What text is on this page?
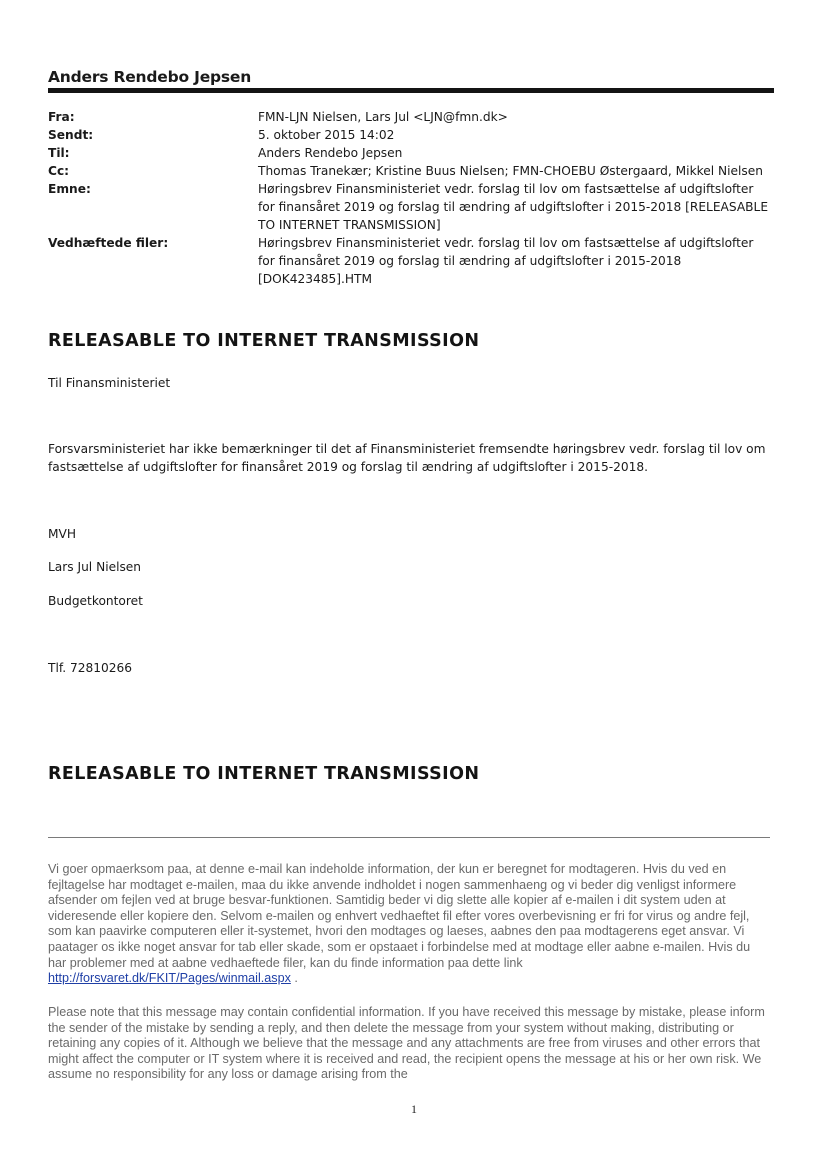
Anders Rendebo Jepsen
Fra:	FMN-LJN Nielsen, Lars Jul <LJN@fmn.dk>
Sendt:	5. oktober 2015 14:02
Til:	Anders Rendebo Jepsen
Cc:	Thomas Tranekær; Kristine Buus Nielsen; FMN-CHOEBU Østergaard, Mikkel Nielsen
Emne:	Høringsbrev Finansministeriet vedr. forslag til lov om fastsættelse af udgiftslofter
for finansåret 2019 og forslag til ændring af udgiftslofter i 2015-2018 [RELEASABLE
TO INTERNET TRANSMISSION]
Vedhæftede filer:	Høringsbrev Finansministeriet vedr. forslag til lov om fastsættelse af udgiftslofter
for finansåret 2019 og forslag til ændring af udgiftslofter i 2015-2018
[DOK423485].HTM
RELEASABLE TO INTERNET TRANSMISSION
Til Finansministeriet
Forsvarsministeriet har ikke bemærkninger til det af Finansministeriet fremsendte høringsbrev vedr. forslag til lov om fastsættelse af udgiftslofter for finansåret 2019 og forslag til ændring af udgiftslofter i 2015-2018.
MVH
Lars Jul Nielsen
Budgetkontoret
Tlf. 72810266
RELEASABLE TO INTERNET TRANSMISSION
Vi goer opmaerksom paa, at denne e-mail kan indeholde information, der kun er beregnet for modtageren. Hvis du ved en fejltagelse har modtaget e-mailen, maa du ikke anvende indholdet i nogen sammenhaeng og vi beder dig venligst informere afsender om fejlen ved at bruge besvar-funktionen. Samtidig beder vi dig slette alle kopier af e-mailen i dit system uden at videresende eller kopiere den. Selvom e-mailen og enhvert vedhaeftet fil efter vores overbevisning er fri for virus og andre fejl, som kan paavirke computeren eller it-systemet, hvori den modtages og laeses, aabnes den paa modtagerens eget ansvar. Vi paatager os ikke noget ansvar for tab eller skade, som er opstaaet i forbindelse med at modtage eller aabne e-mailen. Hvis du har problemer med at aabne vedhaeftede filer, kan du finde information paa dette link http://forsvaret.dk/FKIT/Pages/winmail.aspx .
Please note that this message may contain confidential information. If you have received this message by mistake, please inform the sender of the mistake by sending a reply, and then delete the message from your system without making, distributing or retaining any copies of it. Although we believe that the message and any attachments are free from viruses and other errors that might affect the computer or IT system where it is received and read, the recipient opens the message at his or her own risk. We assume no responsibility for any loss or damage arising from the
1
